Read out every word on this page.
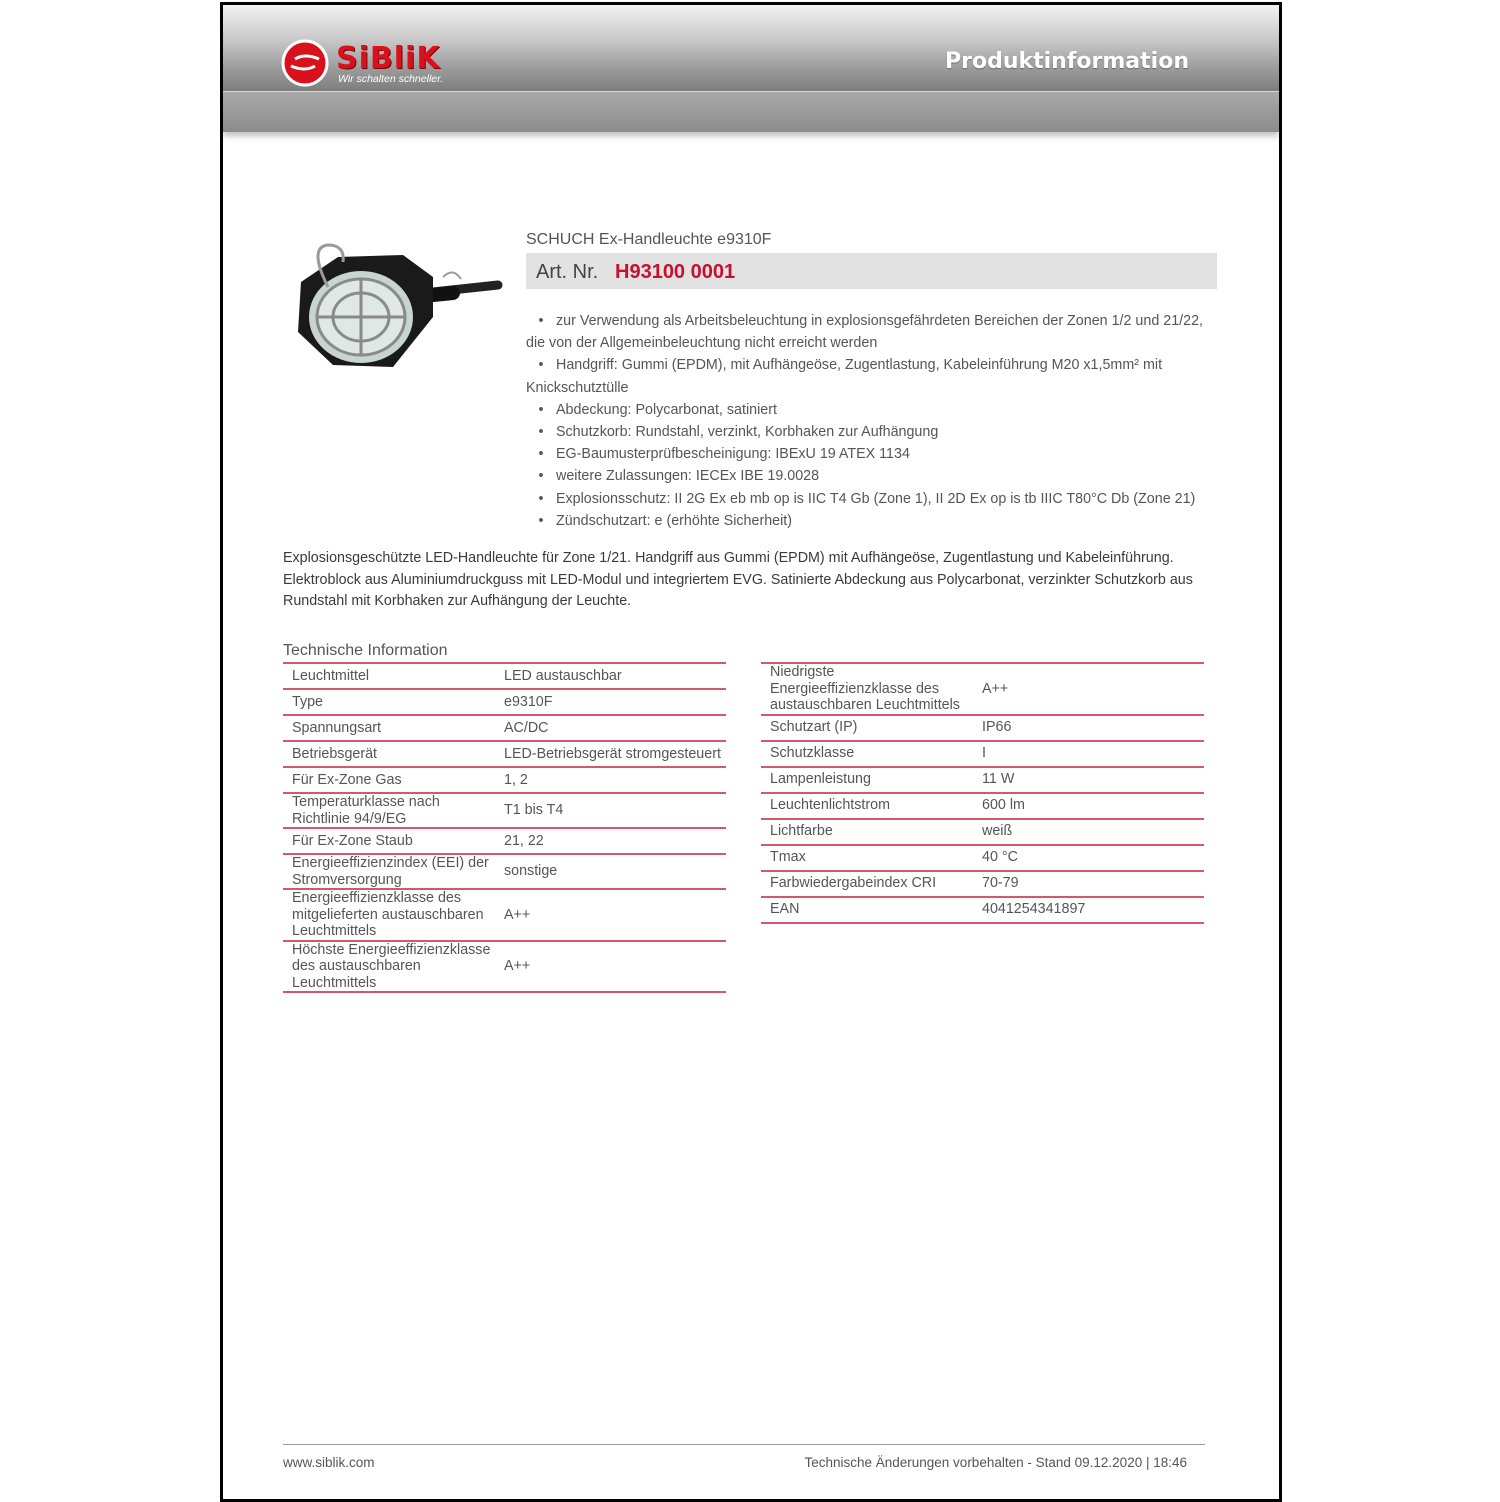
SiBliK
Wir schalten schneller.
Produktinformation
SCHUCH Ex-Handleuchte e9310F
Art. Nr. H93100 0001
• zur Verwendung als Arbeitsbeleuchtung in explosionsgefährdeten Bereichen der Zonen 1/2 und 21/22, die von der Allgemeinbeleuchtung nicht erreicht werden
• Handgriff: Gummi (EPDM), mit Aufhängeöse, Zugentlastung, Kabeleinführung M20 x1,5mm² mit Knickschutztülle
• Abdeckung: Polycarbonat, satiniert
• Schutzkorb: Rundstahl, verzinkt, Korbhaken zur Aufhängung
• EG-Baumusterprüfbescheinigung: IBExU 19 ATEX 1134
• weitere Zulassungen: IECEx IBE 19.0028
• Explosionsschutz: II 2G Ex eb mb op is IIC T4 Gb (Zone 1), II 2D Ex op is tb IIIC T80°C Db (Zone 21)
• Zündschutzart: e (erhöhte Sicherheit)
Explosionsgeschützte LED-Handleuchte für Zone 1/21. Handgriff aus Gummi (EPDM) mit Aufhängeöse, Zugentlastung und Kabeleinführung. Elektroblock aus Aluminiumdruckguss mit LED-Modul und integriertem EVG. Satinierte Abdeckung aus Polycarbonat, verzinkter Schutzkorb aus Rundstahl mit Korbhaken zur Aufhängung der Leuchte.
Technische Information
Leuchtmittel	LED austauschbar
Type	e9310F
Spannungsart	AC/DC
Betriebsgerät	LED-Betriebsgerät stromgesteuert
Für Ex-Zone Gas	1, 2
Temperaturklasse nach Richtlinie 94/9/EG	T1 bis T4
Für Ex-Zone Staub	21, 22
Energieeffizienzindex (EEI) der Stromversorgung	sonstige
Energieeffizienzklasse des mitgelieferten austauschbaren Leuchtmittels	A++
Höchste Energieeffizienzklasse des austauschbaren Leuchtmittels	A++
Niedrigste Energieeffizienzklasse des austauschbaren Leuchtmittels	A++
Schutzart (IP)	IP66
Schutzklasse	I
Lampenleistung	11 W
Leuchtenlichtstrom	600 lm
Lichtfarbe	weiß
Tmax	40 °C
Farbwiedergabeindex CRI	70-79
EAN	4041254341897
www.siblik.com	Technische Änderungen vorbehalten - Stand 09.12.2020 | 18:46
